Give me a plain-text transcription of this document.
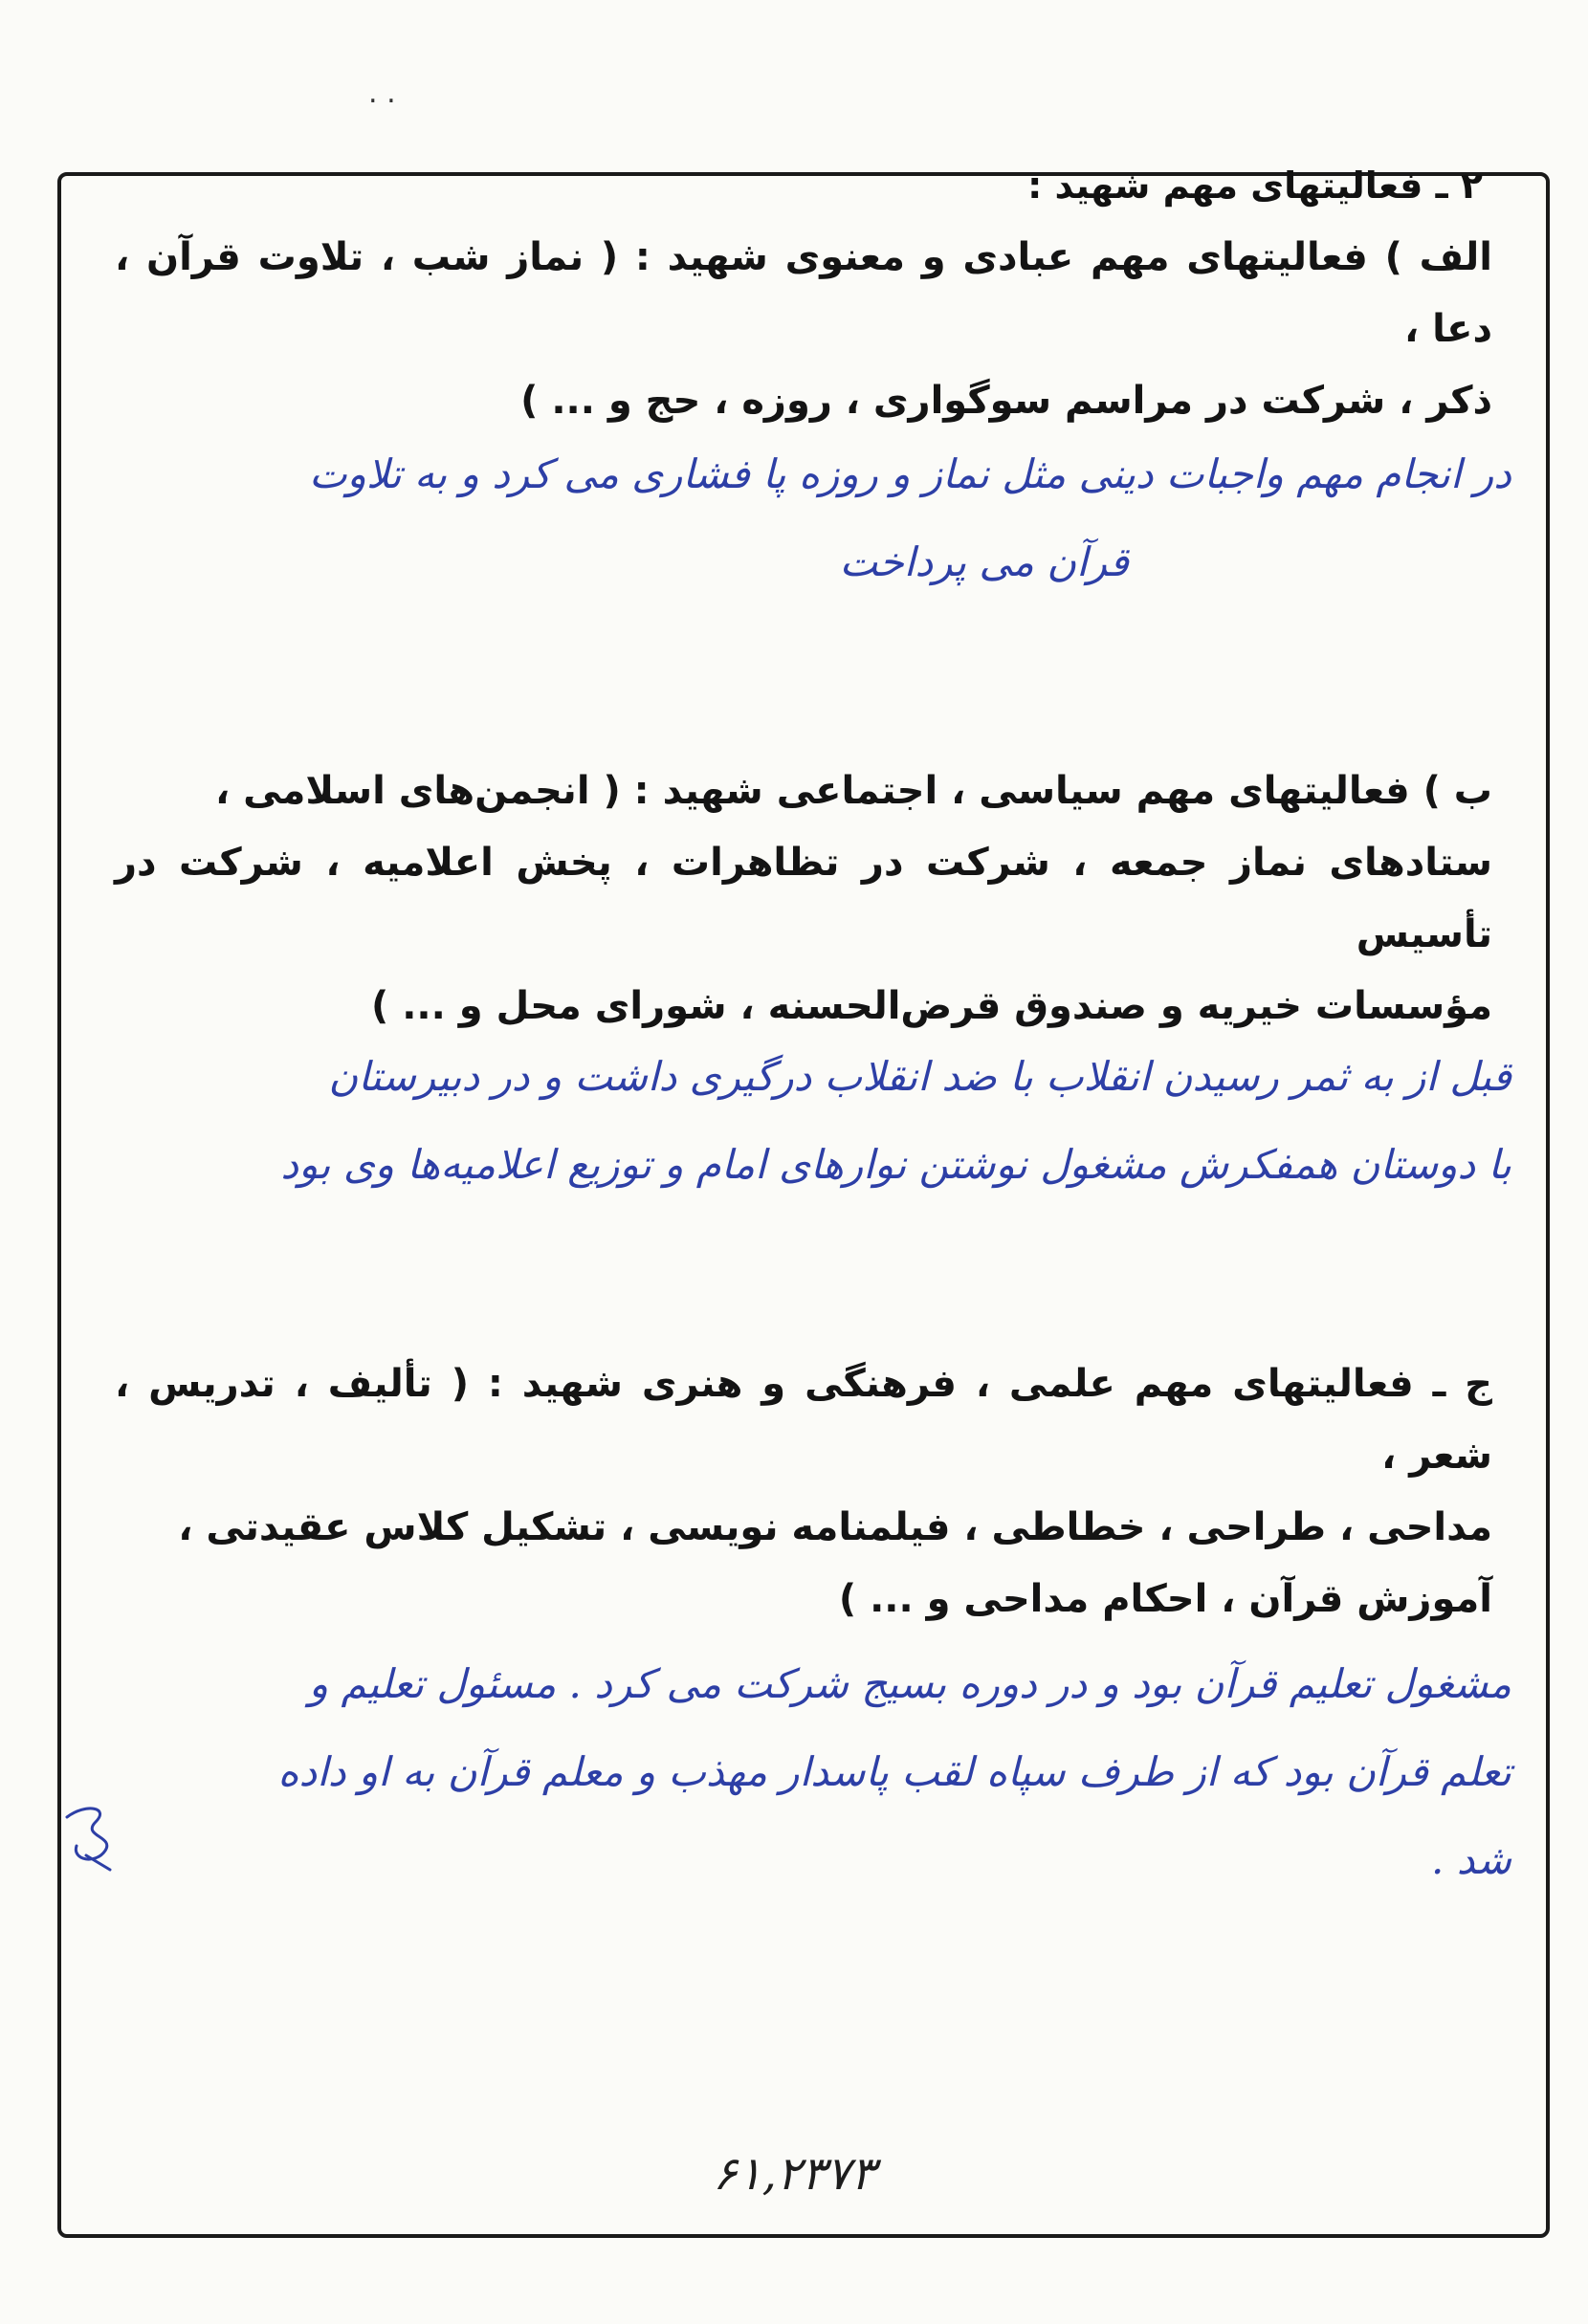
. .
۲ ـ فعالیتهای مهم شهید :

الف ) فعالیتهای مهم عبادی و معنوی شهید : ( نماز شب ، تلاوت قرآن ، دعا ،

ذکر ، شرکت در مراسم سوگواری ، روزه ، حج و ... )

در انجام مهم واجبات دینی مثل نماز و روزه پا فشاری می کرد و به تلاوت

قرآن می پرداخت

ب ) فعالیتهای مهم سیاسی ، اجتماعی شهید : ( انجمن‌های اسلامی ،

ستادهای نماز جمعه ، شرکت در تظاهرات ، پخش اعلامیه ، شرکت در تأسیس

مؤسسات خیریه و صندوق قرض‌الحسنه ، شورای محل و ... )

قبل از به ثمر رسیدن انقلاب با ضد انقلاب درگیری داشت و در دبیرستان

با دوستان همفکرش مشغول نوشتن نوارهای امام و توزیع اعلامیه‌ها وی بود

ج ـ فعالیتهای مهم علمی ، فرهنگی و هنری شهید : ( تألیف ، تدریس ، شعر ،

مداحی ، طراحی ، خطاطی ، فیلمنامه نویسی ، تشکیل کلاس عقیدتی ،

آموزش قرآن ، احکام مداحی و ... )

مشغول تعلیم قرآن بود و در دوره بسیج شرکت می کرد . مسئول تعلیم و

تعلم قرآن بود که از طرف سپاه لقب پاسدار مهذب و معلم قرآن به او داده

شد .

۶۱,۲۳۷۳
